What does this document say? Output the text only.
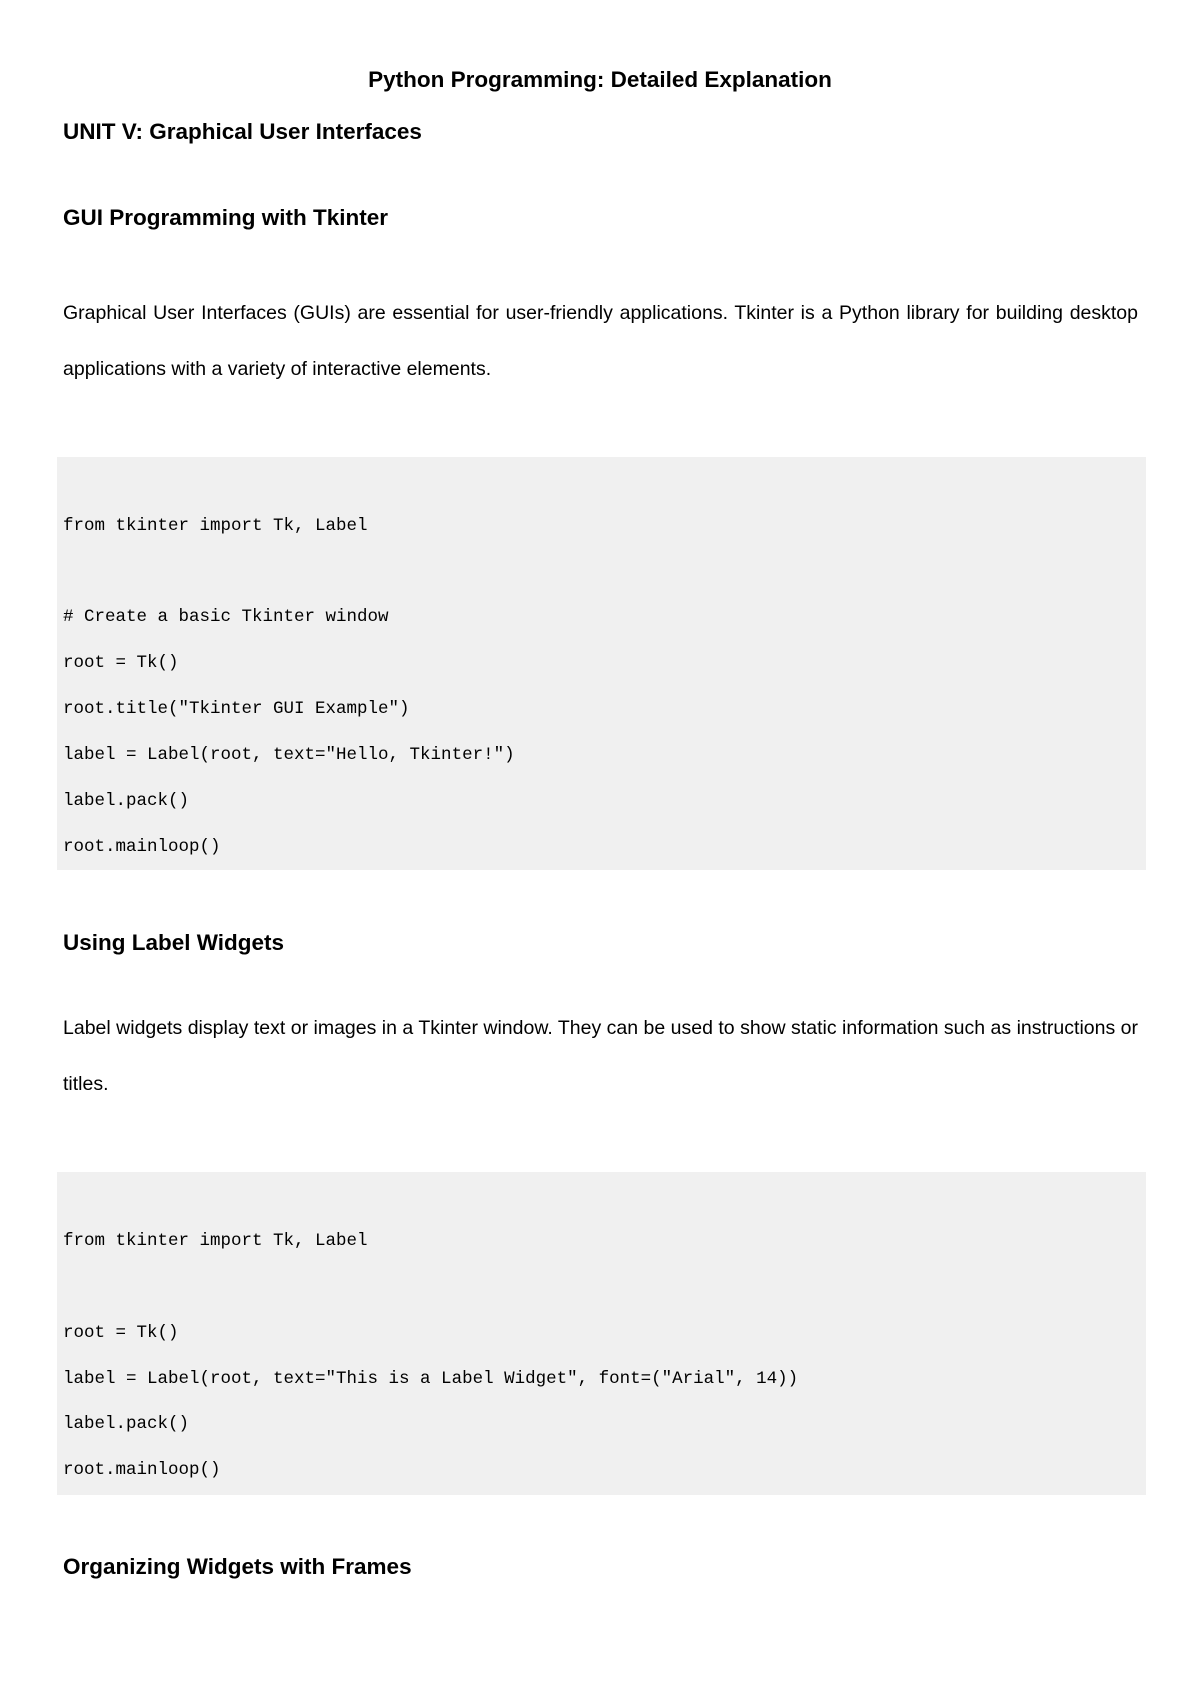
Python Programming: Detailed Explanation
UNIT V: Graphical User Interfaces
GUI Programming with Tkinter

Graphical User Interfaces (GUIs) are essential for user-friendly applications. Tkinter is a Python library for building desktop applications with a variety of interactive elements.

from tkinter import Tk, Label
# Create a basic Tkinter window
root = Tk()
root.title("Tkinter GUI Example")
label = Label(root, text="Hello, Tkinter!")
label.pack()
root.mainloop()
Using Label Widgets

Label widgets display text or images in a Tkinter window. They can be used to show static information such as instructions or titles.

from tkinter import Tk, Label
root = Tk()
label = Label(root, text="This is a Label Widget", font=("Arial", 14))
label.pack()
root.mainloop()
Organizing Widgets with Frames
